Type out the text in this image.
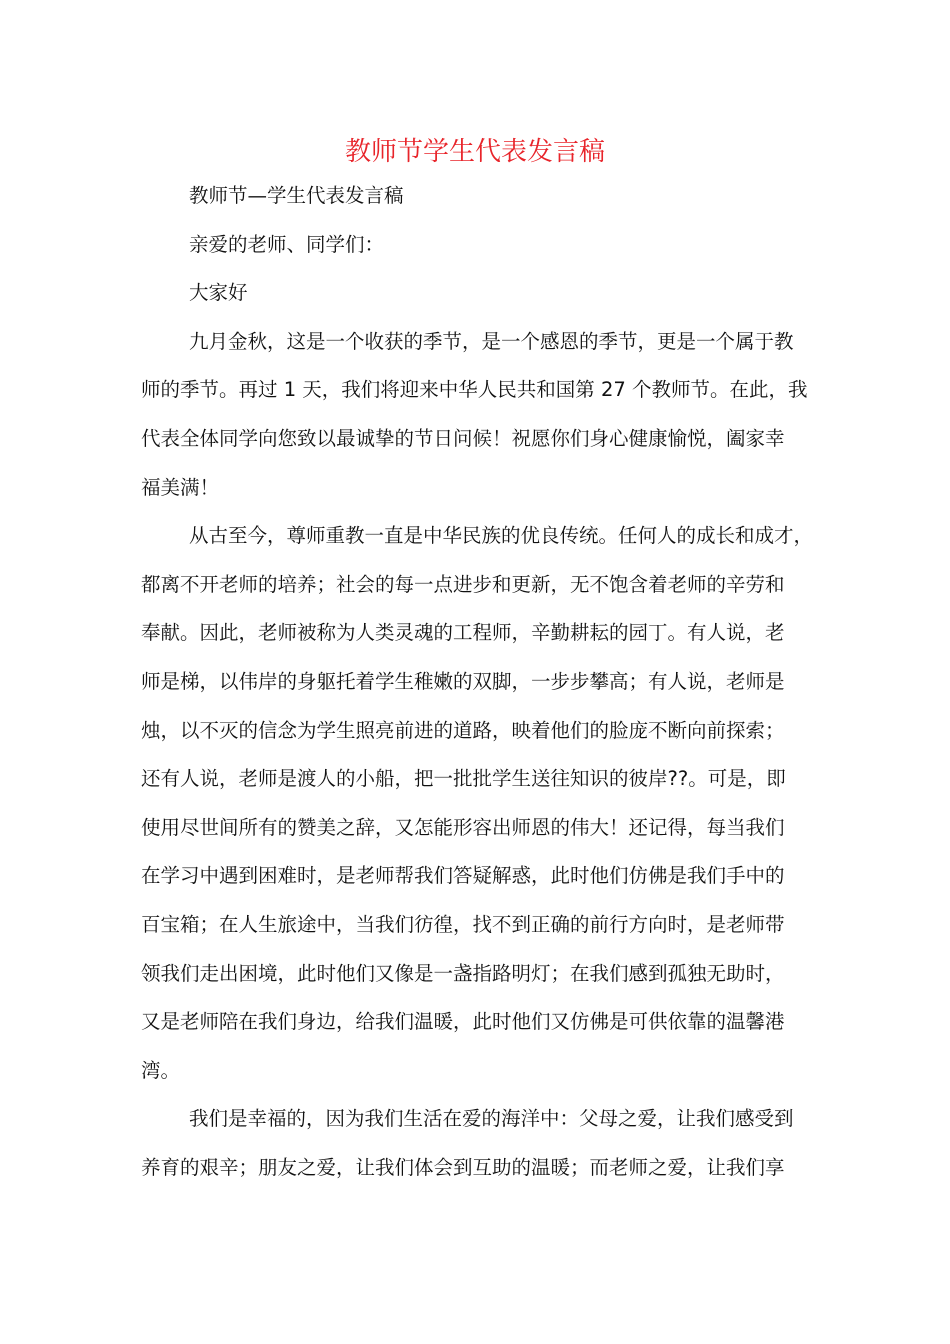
教师节学生代表发言稿
教师节—学生代表发言稿
亲爱的老师、同学们：
大家好
九月金秋，这是一个收获的季节，是一个感恩的季节，更是一个属于教
师的季节。再过 1 天，我们将迎来中华人民共和国第 27 个教师节。在此，我
代表全体同学向您致以最诚挚的节日问候！祝愿你们身心健康愉悦，阖家幸
福美满！
从古至今，尊师重教一直是中华民族的优良传统。任何人的成长和成才，
都离不开老师的培养；社会的每一点进步和更新，无不饱含着老师的辛劳和
奉献。因此，老师被称为人类灵魂的工程师，辛勤耕耘的园丁。有人说，老
师是梯，以伟岸的身躯托着学生稚嫩的双脚，一步步攀高；有人说，老师是
烛，以不灭的信念为学生照亮前进的道路，映着他们的脸庞不断向前探索；
还有人说，老师是渡人的小船，把一批批学生送往知识的彼岸??。可是，即
使用尽世间所有的赞美之辞，又怎能形容出师恩的伟大！还记得，每当我们
在学习中遇到困难时，是老师帮我们答疑解惑，此时他们仿佛是我们手中的
百宝箱；在人生旅途中，当我们彷徨，找不到正确的前行方向时，是老师带
领我们走出困境，此时他们又像是一盏指路明灯；在我们感到孤独无助时，
又是老师陪在我们身边，给我们温暖，此时他们又仿佛是可供依靠的温馨港
湾。
我们是幸福的，因为我们生活在爱的海洋中：父母之爱，让我们感受到
养育的艰辛；朋友之爱，让我们体会到互助的温暖；而老师之爱，让我们享
